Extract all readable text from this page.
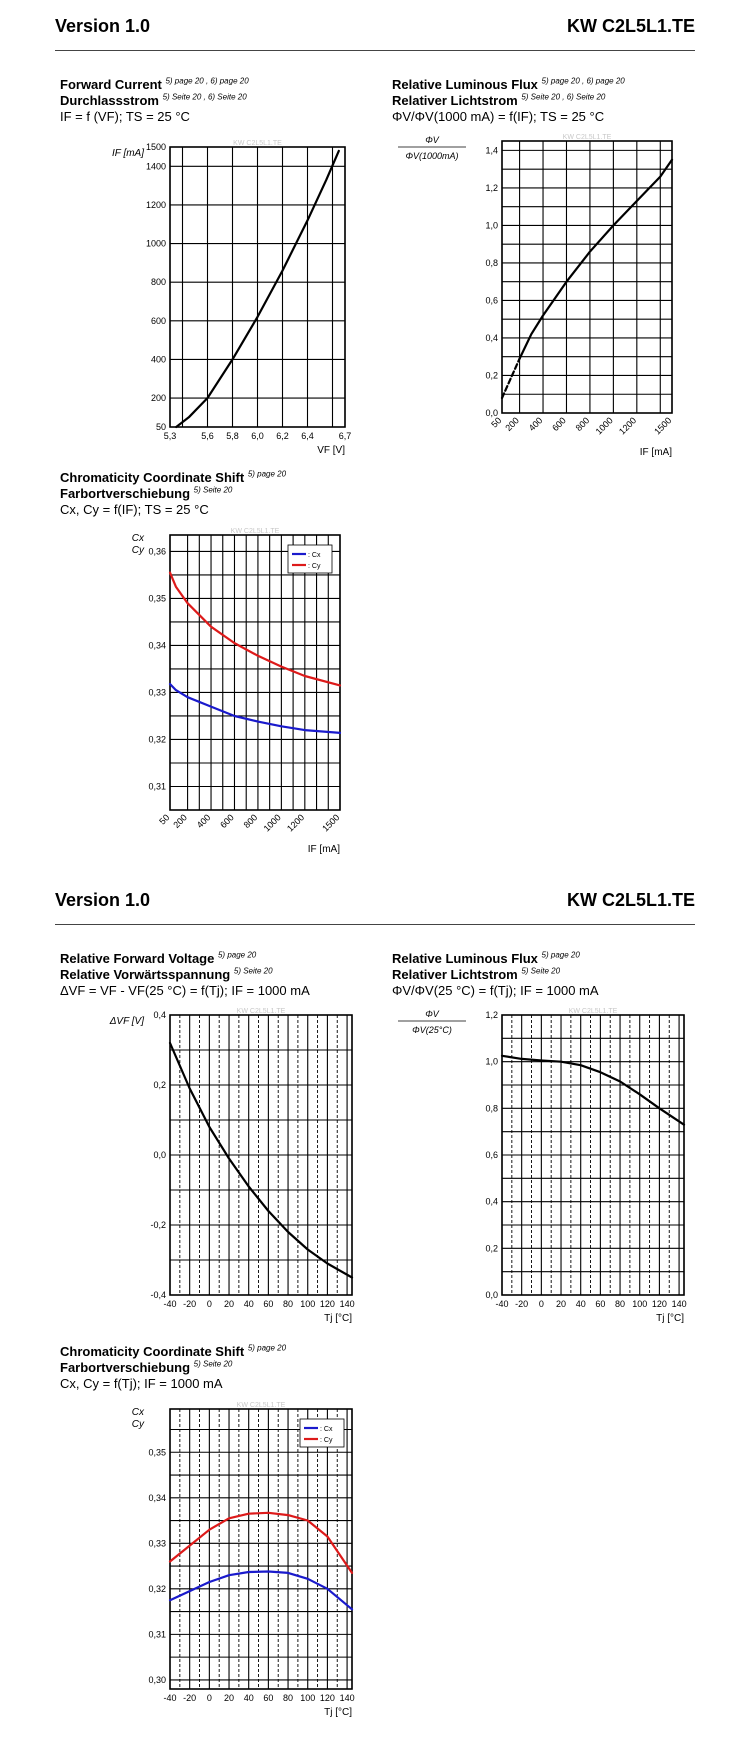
Version 1.0	KW C2L5L1.TE
Forward Current $^{5) page 20 , 6) page 20}$
Durchlassstrom $^{5) Seite 20 , 6) Seite 20}$
IF = f (VF); TS = 25 °C
Relative Luminous Flux $^{5) page 20 , 6) page 20}$
Relativer Lichtstrom $^{5) Seite 20 , 6) Seite 20}$
ΦV/ΦV(1000 mA) = f(IF); TS = 25 °C
KW C2L5L1.TE
50
200
400
600
800
1000
1200
1400
1500
5,3	5,6 5,8 6,0 6,2 6,4	6,7
VF [V]
IF [mA]
KW C2L5L1.TE
0,0
0,2
0,4
0,6
0,8
1,0
1,2
1,4
50 200 400 600 800 1000 1200 1500
IF [mA]
ΦV
ΦV(1000mA)
Chromaticity Coordinate Shift $^{5) page 20}$
Farbortverschiebung $^{5) Seite 20}$
Cx, Cy = f(IF); TS = 25 °C
KW C2L5L1.TE
0,31
0,32
0,33
0,34
0,35
0,36
50 200 400 600 800 1000 1200 1500
IF [mA]
Cx
Cy	: Cx
: Cy
Version 1.0	KW C2L5L1.TE
Relative Forward Voltage $^{5) page 20}$
Relative Vorwärtsspannung $^{5) Seite 20}$
ΔVF = VF - VF(25 °C) = f(Tj); IF = 1000 mA
Relative Luminous Flux $^{5) page 20}$
Relativer Lichtstrom $^{5) Seite 20}$
ΦV/ΦV(25 °C) = f(Tj); IF = 1000 mA
KW C2L5L1.TE
-0,4
-0,2
0,0
0,2
0,4
-40 -20 0 20 40 60 80 100 120 140
Tj [°C]
ΔVF [V]
KW C2L5L1.TE
0,0
0,2
0,4
0,6
0,8
1,0
1,2
-40 -20 0 20 40 60 80 100 120 140
Tj [°C]
ΦV
ΦV(25°C)
Chromaticity Coordinate Shift $^{5) page 20}$
Farbortverschiebung $^{5) Seite 20}$
Cx, Cy = f(Tj); IF = 1000 mA
KW C2L5L1.TE
0,30
0,31
0,32
0,33
0,34
0,35
-40 -20 0 20 40 60 80 100 120 140
Tj [°C]
Cx
Cy	: Cx
: Cy
